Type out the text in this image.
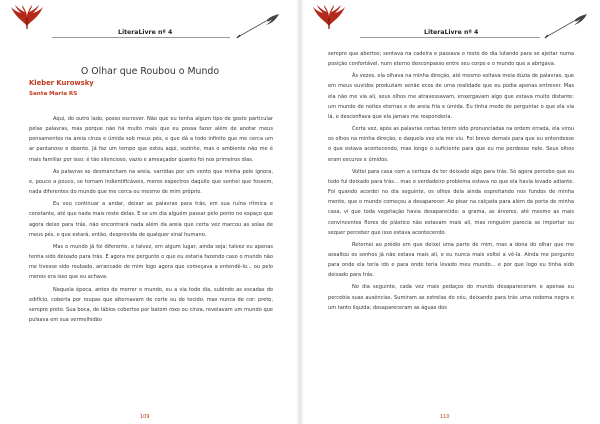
LiteraLivre nº 4
O Olhar que Roubou o Mundo
Kleber Kurowsky
Santa Maria RS

Aqui, do outro lado, posso escrever. Não que eu tenha algum tipo de gosto particular pelas palavras, mas porque não há muito mais que eu possa fazer além de anotar meus pensamentos na areia cinza e úmida sob meus pés, e que dá a todo infinito que me cerca um ar pantanoso e doente. Já faz um tempo que estou aqui, sozinho, mas o ambiente não me é mais familiar por isso: é tão silencioso, vazio e ameaçador quanto foi nos primeiros dias.

As palavras se desmancham na areia, varridas por um vento que minha pele ignora, e, pouco a pouco, se tornam indientificáveis, meros espectros daquilo que sonhei que fossem, nada diferentes do mundo que me cerca ou mesmo de mim próprio.

Eu vou continuar a andar, deixar as palavras para trás, em sua ruína rítmica e constante, até que nada mais reste delas. E se um dia alguém passar pelo ponto no espaço que agora deixo para trás, não encontrará nada além da areia que certa vez marcou as solas de meus pés, e que estará, então, desprovida de qualquer sinal humano.

Mas o mundo já foi diferente, e talvez, em algum lugar, ainda seja; talvez eu apenas tenha sido deixado para trás. E agora me pergunto o que eu estaria fazendo caso o mundo não me tivesse sido roubado, arrancado de mim logo agora que começava a entendê-lo... ou pelo menos era isso que eu achava.

Naquela época, antes de morrer o mundo, eu a via todo dia, subindo as escadas do edifício, coberta por roupas que alternavam de corte ou de tecido, mas nunca de cor: preto, sempre preto. Sua boca, de lábios cobertos por batom roxo ou cinza, revelavam um mundo que pulsava em sua vermelhidão

109
LiteraLivre nº 4

sempre que abertos; sentava na cadeira e passava o resto do dia lutando para se ajeitar numa posição confortável, num eterno desconpasso entre seu corpo e o mundo que a abrigava.

Às vezes, ela olhava na minha direção, até mesmo soltava meia dúzia de palavras, que em meus ouvidos produziam senão ecos de uma realidade que eu podia apenas entrever. Mas ela não me via ali, seus olhos me atravessavam, enxergavam algo que estava muito distante: um mundo de noites eternas e de areia fria e úmida. Eu tinha medo de perguntar o que ela via lá, e desconfiava que ela jamais me responderia.

Certa vez, após as palavras certas terem sido pronunciadas na ordem errada, ela virou os olhos na minha direção, e daquela vez ela me viu. Foi breve demais para que eu entendesse o que estava acontecendo, mas longo o suficiente para que eu me perdesse nele. Seus olhos eram escuros e úmidos.

Voltei para casa com a certeza de ter deixado algo para trás. Só agora percebo que eu todo fui deixado para trás... mas o verdadeiro problema estava no que ela havia levado adiante. Foi quando acordei no dia seguinte, os olhos dela ainda espreitando nos fundos de minha mente, que o mundo começou a desaparecer. Ao pisar na calçada para além da porta de minha casa, vi que toda vegetação havia desaparecido: a grama, as árvores, até mesmo as mais convincentes flores de plástico não estavam mais ali, mas ninguém parecia se importar ou sequer perceber que isso estava acontecendo.

Retornei ao prédio em que deixei uma parte de mim, mas a dona do olhar que me assaltou os sonhos já não estava mais ali, e eu nunca mais voltei a vê-la. Ainda me pergunto para onde ela teria ido e para onde teria levado meu mundo... e por que logo eu tinha sido deixado para trás.

No dia seguinte, cada vez mais pedaços do mundo desapareceram e apenas eu percebia suas ausências. Sumiram as estrelas do céu, deixando para trás uma redoma negra e um tanto líquida; desapareceram as águas dos

110
